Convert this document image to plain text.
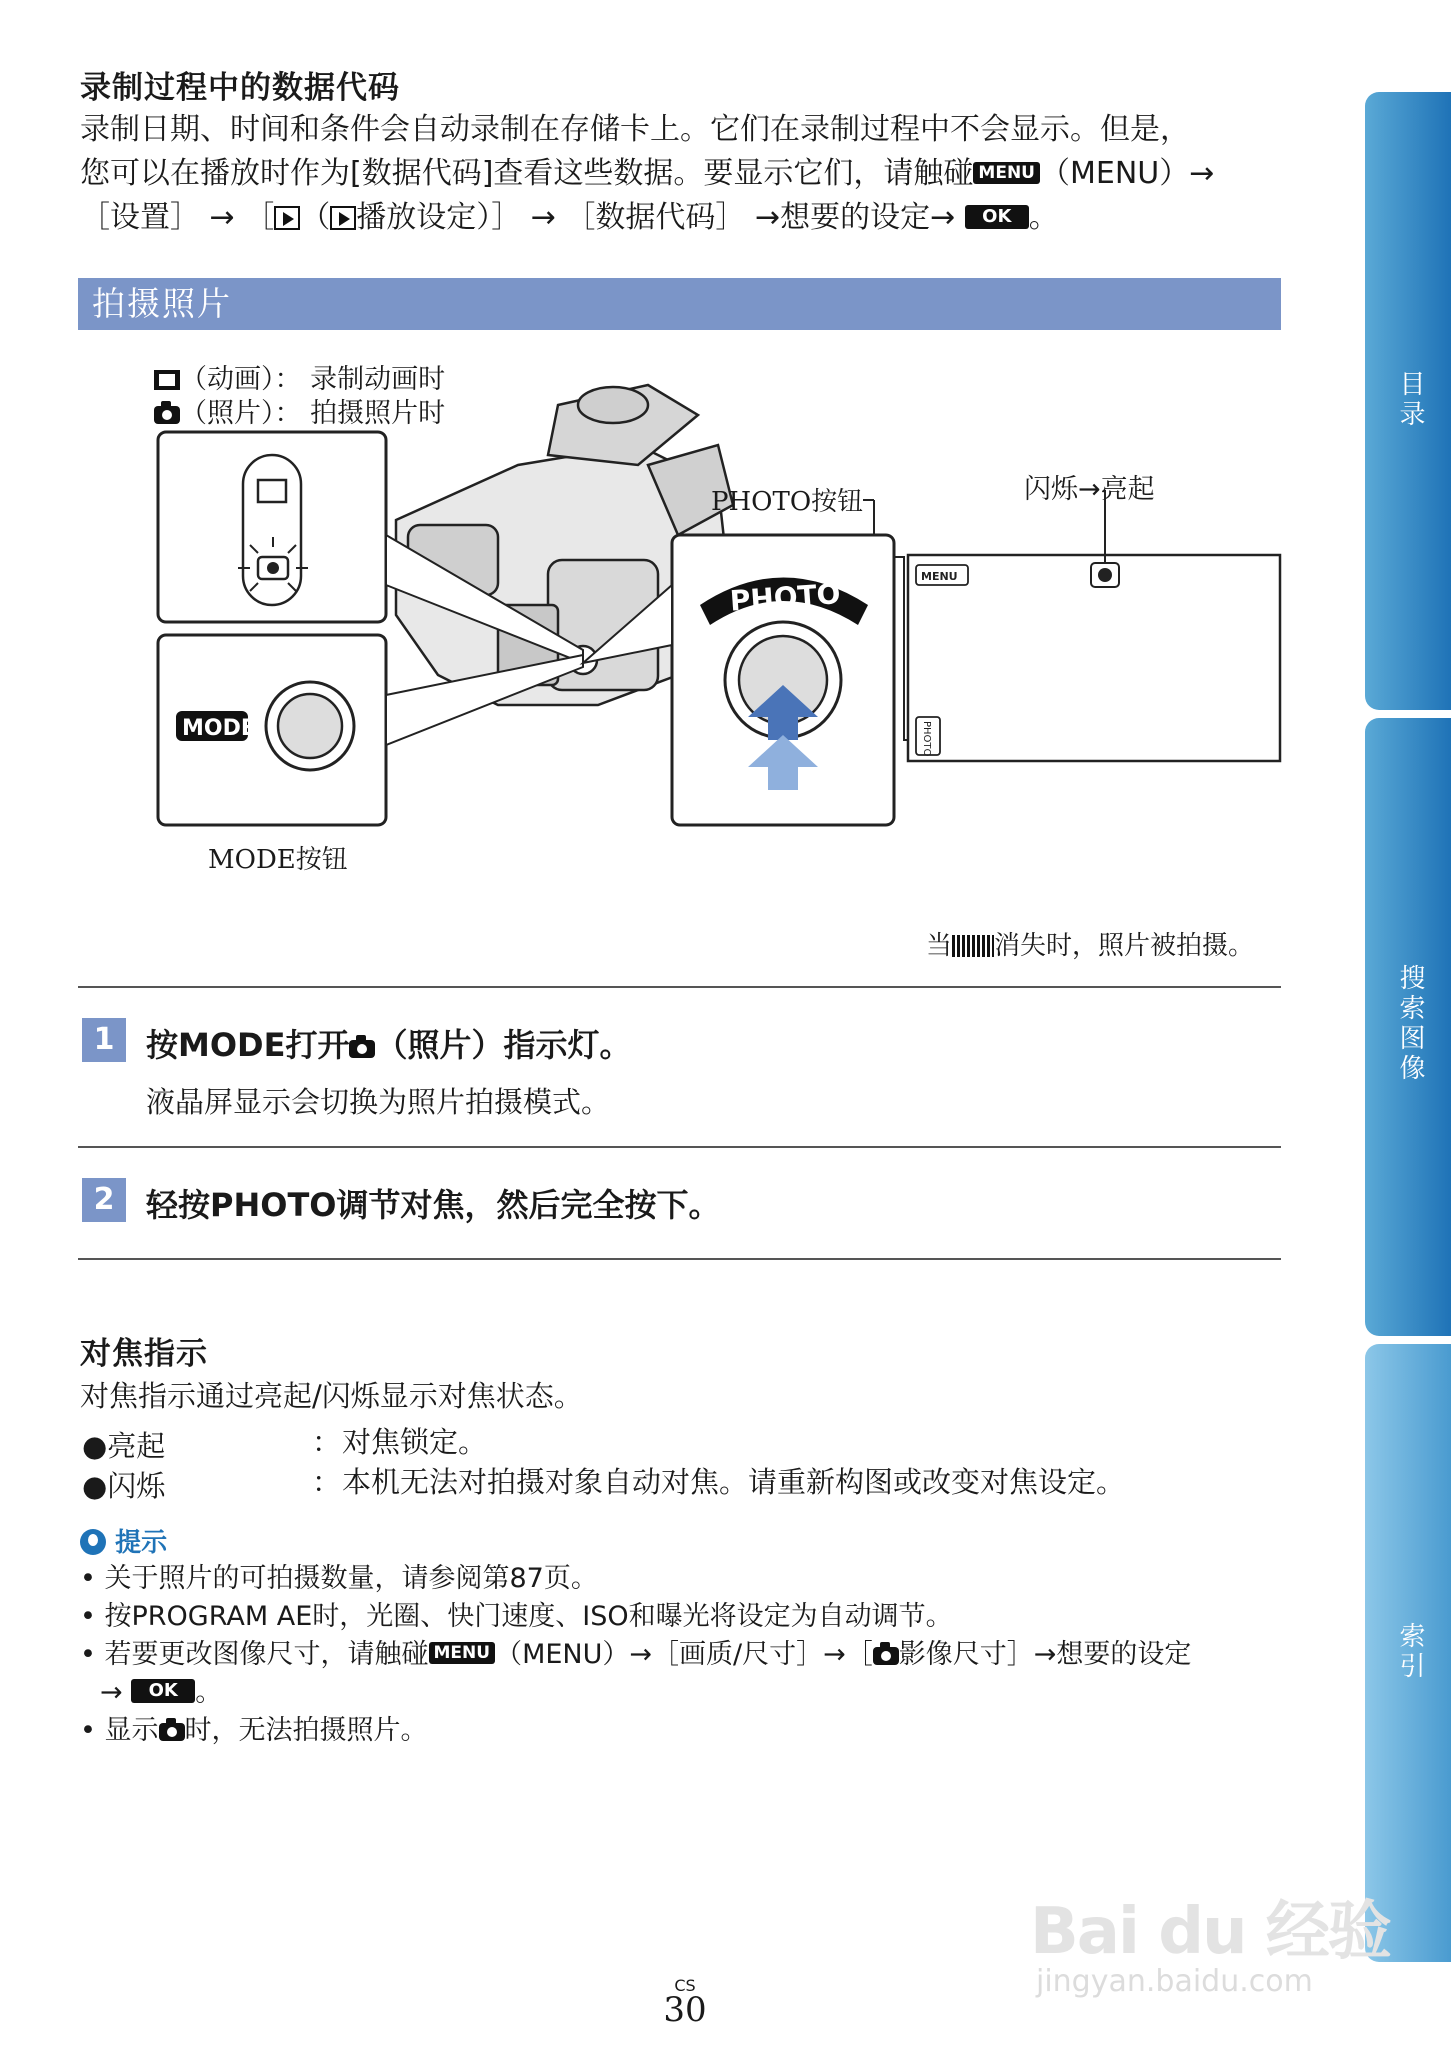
录制过程中的数据代码
录制日期、时间和条件会自动录制在存储卡上。它们在录制过程中不会显示。但是，
您可以在播放时作为[数据代码]查看这些数据。要显示它们，请触碰 MENU （MENU）→
［设置］ → ［ （ 播放设定）］ → ［数据代码］ →想要的设定→ OK 。
拍摄照片
（动画）： 录制动画时
（照片）： 拍摄照片时
MODE
PHOTO
MENU
PHOTO
PHOTO按钮	闪烁→亮起
MODE按钮
当 消失时，照片被拍摄。
1 按MODE打开 （照片）指示灯。
液晶屏显示会切换为照片拍摄模式。
2 轻按PHOTO调节对焦，然后完全按下。
对焦指示
对焦指示通过亮起/闪烁显示对焦状态。
●亮起	： 对焦锁定。
●闪烁	： 本机无法对拍摄对象自动对焦。请重新构图或改变对焦设定。
提示
• 关于照片的可拍摄数量，请参阅第87页。
• 按PROGRAM AE时，光圈、快门速度、ISO和曝光将设定为自动调节。
• 若要更改图像尺寸，请触碰 MENU （MENU）→［画质/尺寸］→［ 影像尺寸］→想要的设定
→ OK 。
• 显示 时，无法拍摄照片。
目录
搜索图像
索引
CS
30
Bai du 经验
jingyan.baidu.com
